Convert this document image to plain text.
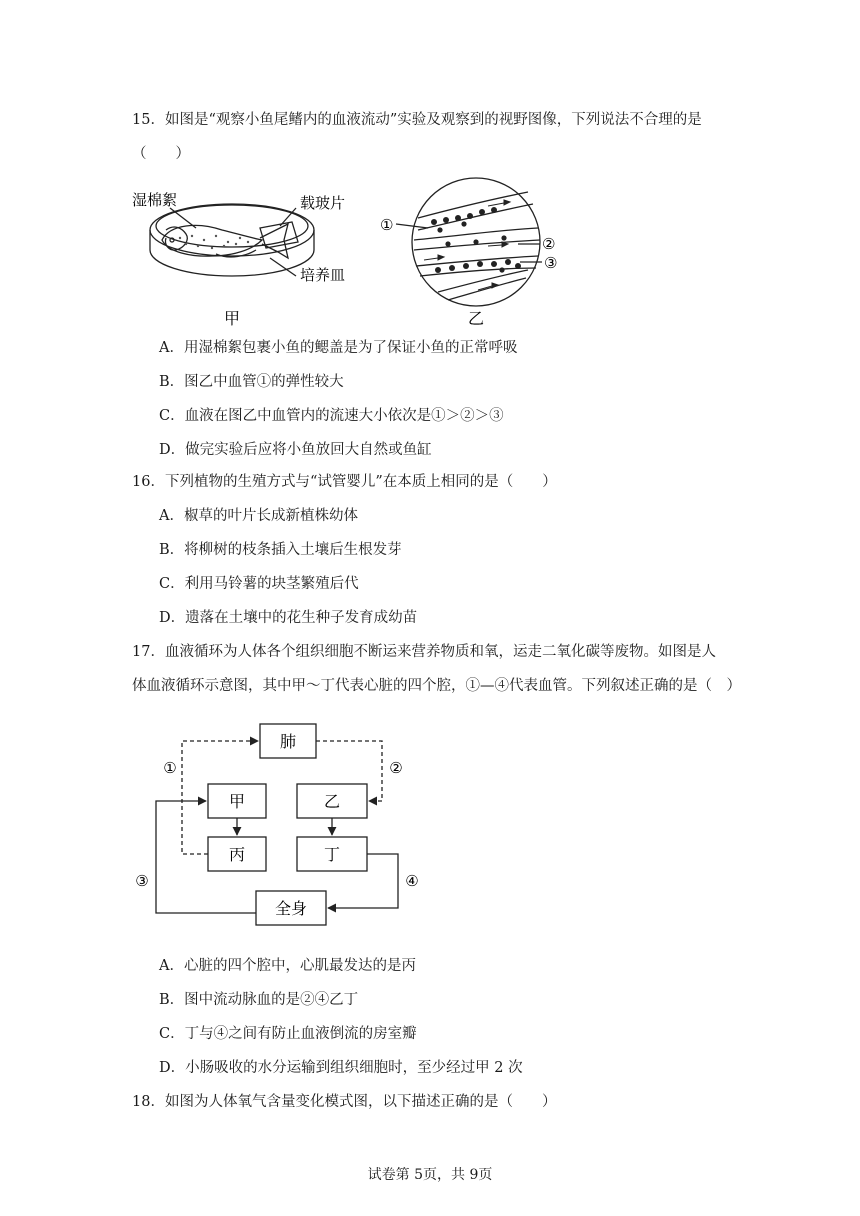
15．如图是“观察小鱼尾鳍内的血液流动”实验及观察到的视野图像，下列说法不合理的是
（　　）
湿棉絮	载玻片
培养皿
甲
①
②
③
乙
A．用湿棉絮包裹小鱼的鳃盖是为了保证小鱼的正常呼吸
B．图乙中血管①的弹性较大
C．血液在图乙中血管内的流速大小依次是①＞②＞③
D．做完实验后应将小鱼放回大自然或鱼缸
16．下列植物的生殖方式与“试管婴儿”在本质上相同的是（　　）
A．椒草的叶片长成新植株幼体
B．将柳树的枝条插入土壤后生根发芽
C．利用马铃薯的块茎繁殖后代
D．遗落在土壤中的花生种子发育成幼苗
17．血液循环为人体各个组织细胞不断运来营养物质和氧，运走二氧化碳等废物。如图是人
体血液循环示意图，其中甲～丁代表心脏的四个腔，①—④代表血管。下列叙述正确的是（　）
肺
甲	乙
丙	丁
全身
①	②
③	④
A．心脏的四个腔中，心肌最发达的是丙
B．图中流动脉血的是②④乙丁
C．丁与④之间有防止血液倒流的房室瓣
D．小肠吸收的水分运输到组织细胞时，至少经过甲 2 次
18．如图为人体氧气含量变化模式图，以下描述正确的是（　　）
试卷第 5页，共 9页
